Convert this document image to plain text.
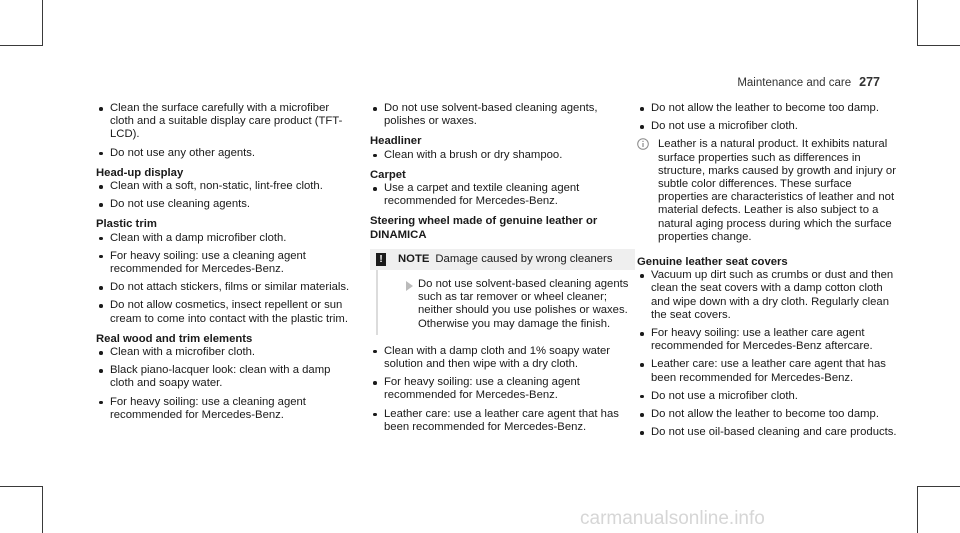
Maintenance and care 277
Clean the surface carefully with a microfiber cloth and a suitable display care product (TFT-LCD).
Do not use any other agents.
Head-up display
Clean with a soft, non-static, lint-free cloth.
Do not use cleaning agents.
Plastic trim
Clean with a damp microfiber cloth.
For heavy soiling: use a cleaning agent recommended for Mercedes-Benz.
Do not attach stickers, films or similar materials.
Do not allow cosmetics, insect repellent or sun cream to come into contact with the plastic trim.
Real wood and trim elements
Clean with a microfiber cloth.
Black piano-lacquer look: clean with a damp cloth and soapy water.
For heavy soiling: use a cleaning agent recommended for Mercedes-Benz.
Do not use solvent-based cleaning agents, polishes or waxes.
Headliner
Clean with a brush or dry shampoo.
Carpet
Use a carpet and textile cleaning agent recommended for Mercedes-Benz.
Steering wheel made of genuine leather or DINAMICA
! NOTE Damage caused by wrong cleaners
Do not use solvent-based cleaning agents such as tar remover or wheel cleaner; neither should you use polishes or waxes. Otherwise you may damage the finish.
Clean with a damp cloth and 1% soapy water solution and then wipe with a dry cloth.
For heavy soiling: use a cleaning agent recommended for Mercedes-Benz.
Leather care: use a leather care agent that has been recommended for Mercedes-Benz.
Do not allow the leather to become too damp.
Do not use a microfiber cloth.
Leather is a natural product. It exhibits natural surface properties such as differences in structure, marks caused by growth and injury or subtle color differences. These surface properties are characteristics of leather and not material defects. Leather is also subject to a natural aging process during which the surface properties change.
Genuine leather seat covers
Vacuum up dirt such as crumbs or dust and then clean the seat covers with a damp cotton cloth and wipe down with a dry cloth. Regularly clean the seat covers.
For heavy soiling: use a leather care agent recommended for Mercedes-Benz aftercare.
Leather care: use a leather care agent that has been recommended for Mercedes-Benz.
Do not use a microfiber cloth.
Do not allow the leather to become too damp.
Do not use oil-based cleaning and care products.
carmanualsonline.info
